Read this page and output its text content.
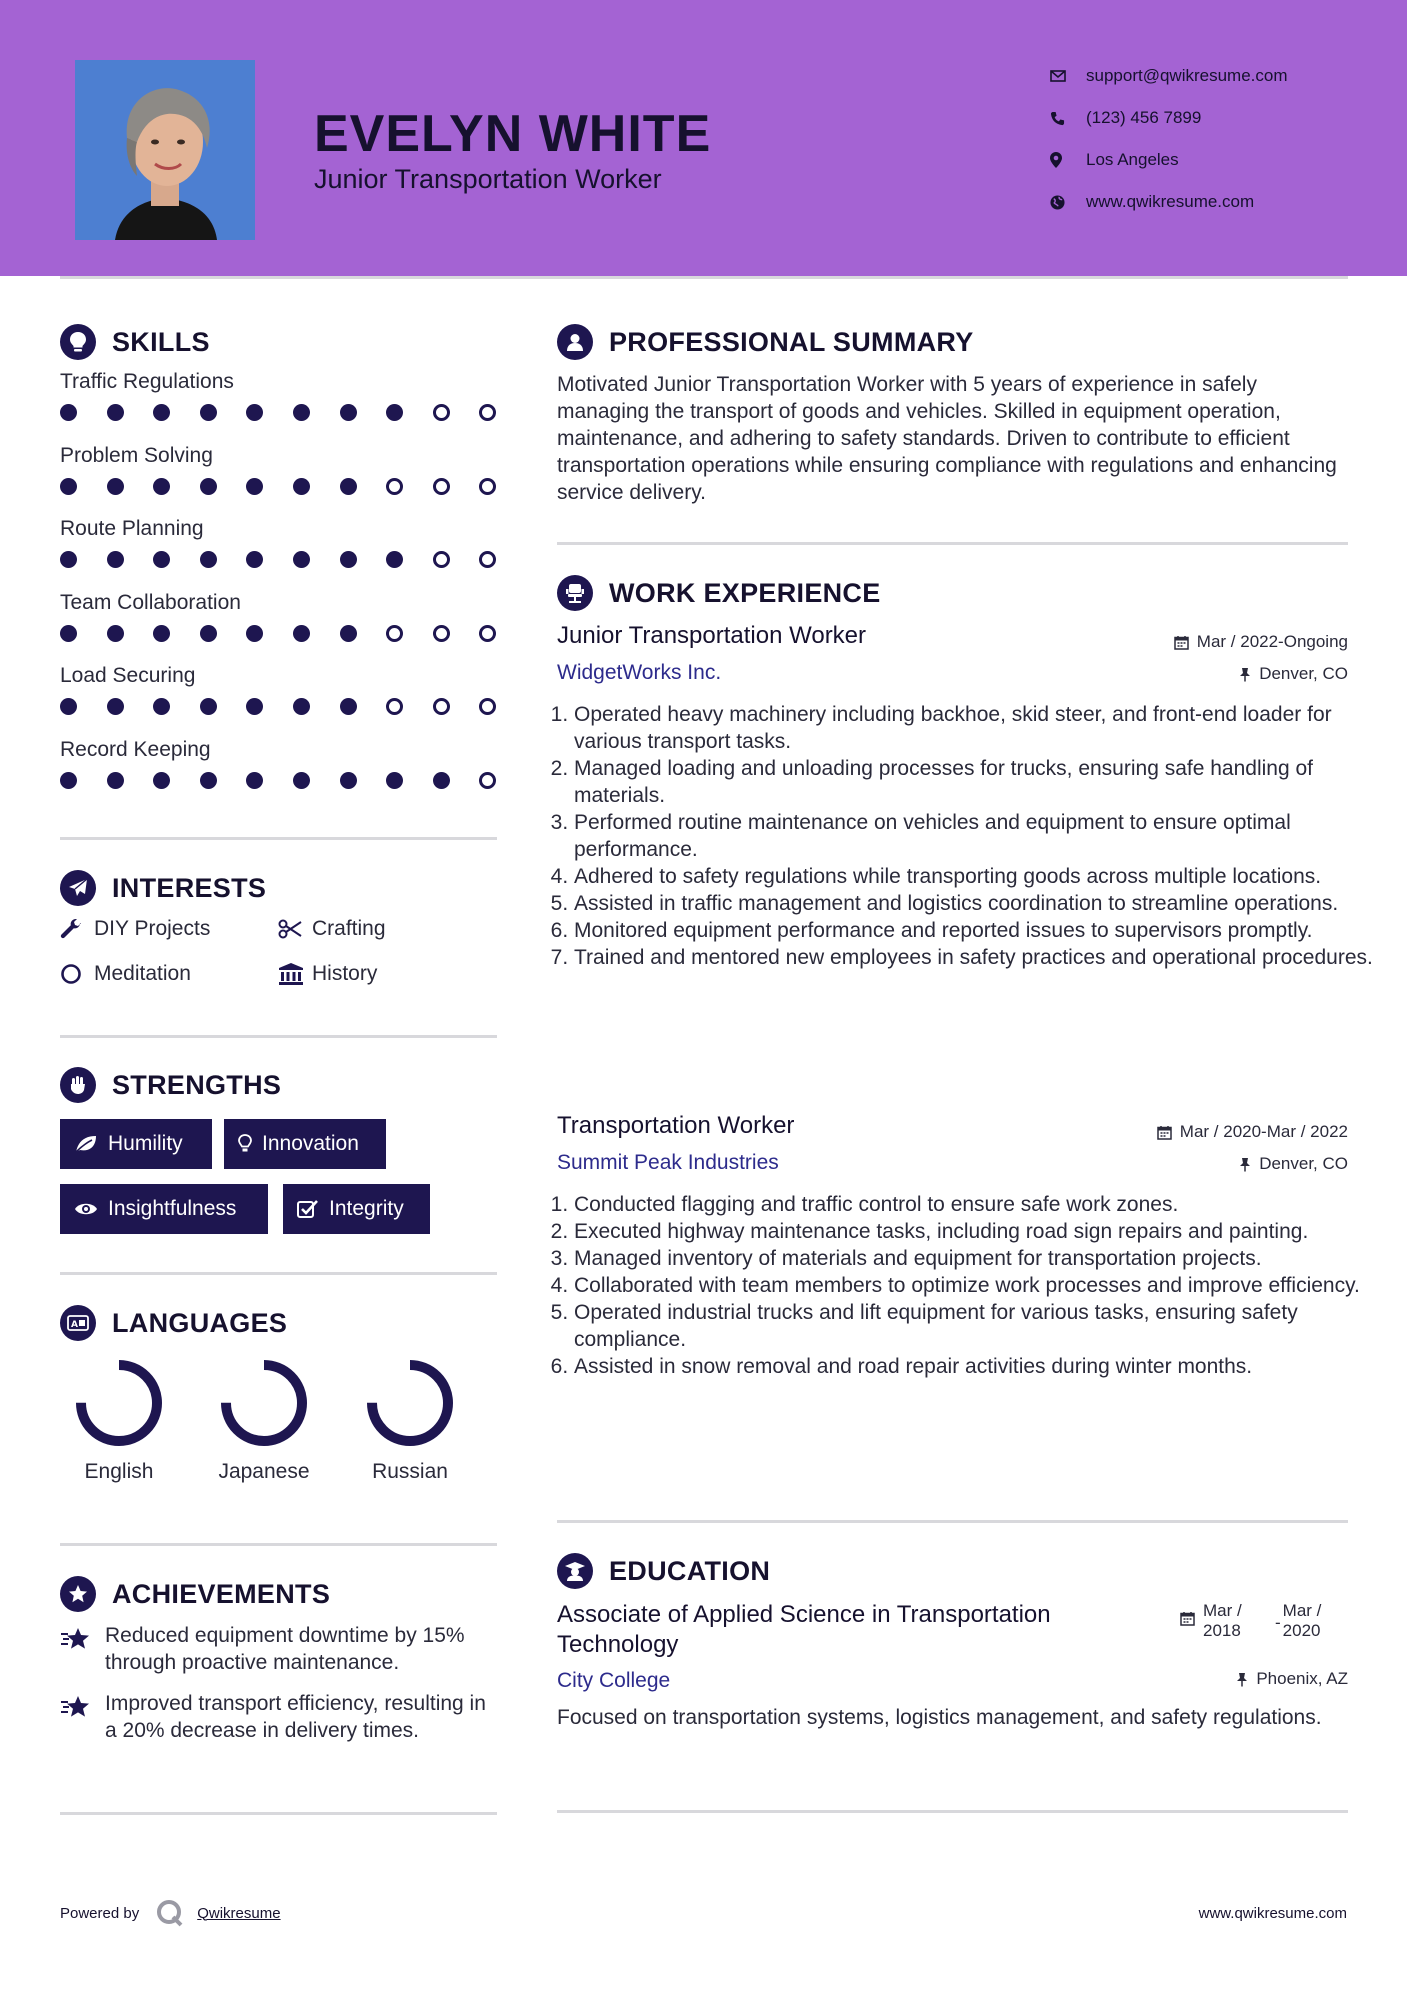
EVELYN WHITE
Junior Transportation Worker
support@qwikresume.com
(123) 456 7899
Los Angeles
www.qwikresume.com
SKILLS
Traffic Regulations
Problem Solving
Route Planning
Team Collaboration
Load Securing
Record Keeping
INTERESTS
DIY Projects	Crafting
Meditation	History
STRENGTHS
Humility	Innovation
Insightfulness	Integrity
A LANGUAGES
English	Japanese	Russian
ACHIEVEMENTS
Reduced equipment downtime by 15% through proactive maintenance.
Improved transport efficiency, resulting in a 20% decrease in delivery times.
PROFESSIONAL SUMMARY
Motivated Junior Transportation Worker with 5 years of experience in safely managing the transport of goods and vehicles. Skilled in equipment operation, maintenance, and adhering to safety standards. Driven to contribute to efficient transportation operations while ensuring compliance with regulations and enhancing service delivery.
WORK EXPERIENCE
Junior Transportation Worker	Mar / 2022-Ongoing
WidgetWorks Inc.	Denver, CO
1. Operated heavy machinery including backhoe, skid steer, and front-end loader for various transport tasks.
2. Managed loading and unloading processes for trucks, ensuring safe handling of materials.
3. Performed routine maintenance on vehicles and equipment to ensure optimal performance.
4. Adhered to safety regulations while transporting goods across multiple locations.
5. Assisted in traffic management and logistics coordination to streamline operations.
6. Monitored equipment performance and reported issues to supervisors promptly.
7. Trained and mentored new employees in safety practices and operational procedures.
Transportation Worker	Mar / 2020-Mar / 2022
Summit Peak Industries	Denver, CO
1. Conducted flagging and traffic control to ensure safe work zones.
2. Executed highway maintenance tasks, including road sign repairs and painting.
3. Managed inventory of materials and equipment for transportation projects.
4. Collaborated with team members to optimize work processes and improve efficiency.
5. Operated industrial trucks and lift equipment for various tasks, ensuring safety compliance.
6. Assisted in snow removal and road repair activities during winter months.
EDUCATION
Associate of Applied Science in Transportation Technology
Mar / 2018	-
Mar / 2020
City College	Phoenix, AZ
Focused on transportation systems, logistics management, and safety regulations.
Powered by	Qwikresume	www.qwikresume.com
